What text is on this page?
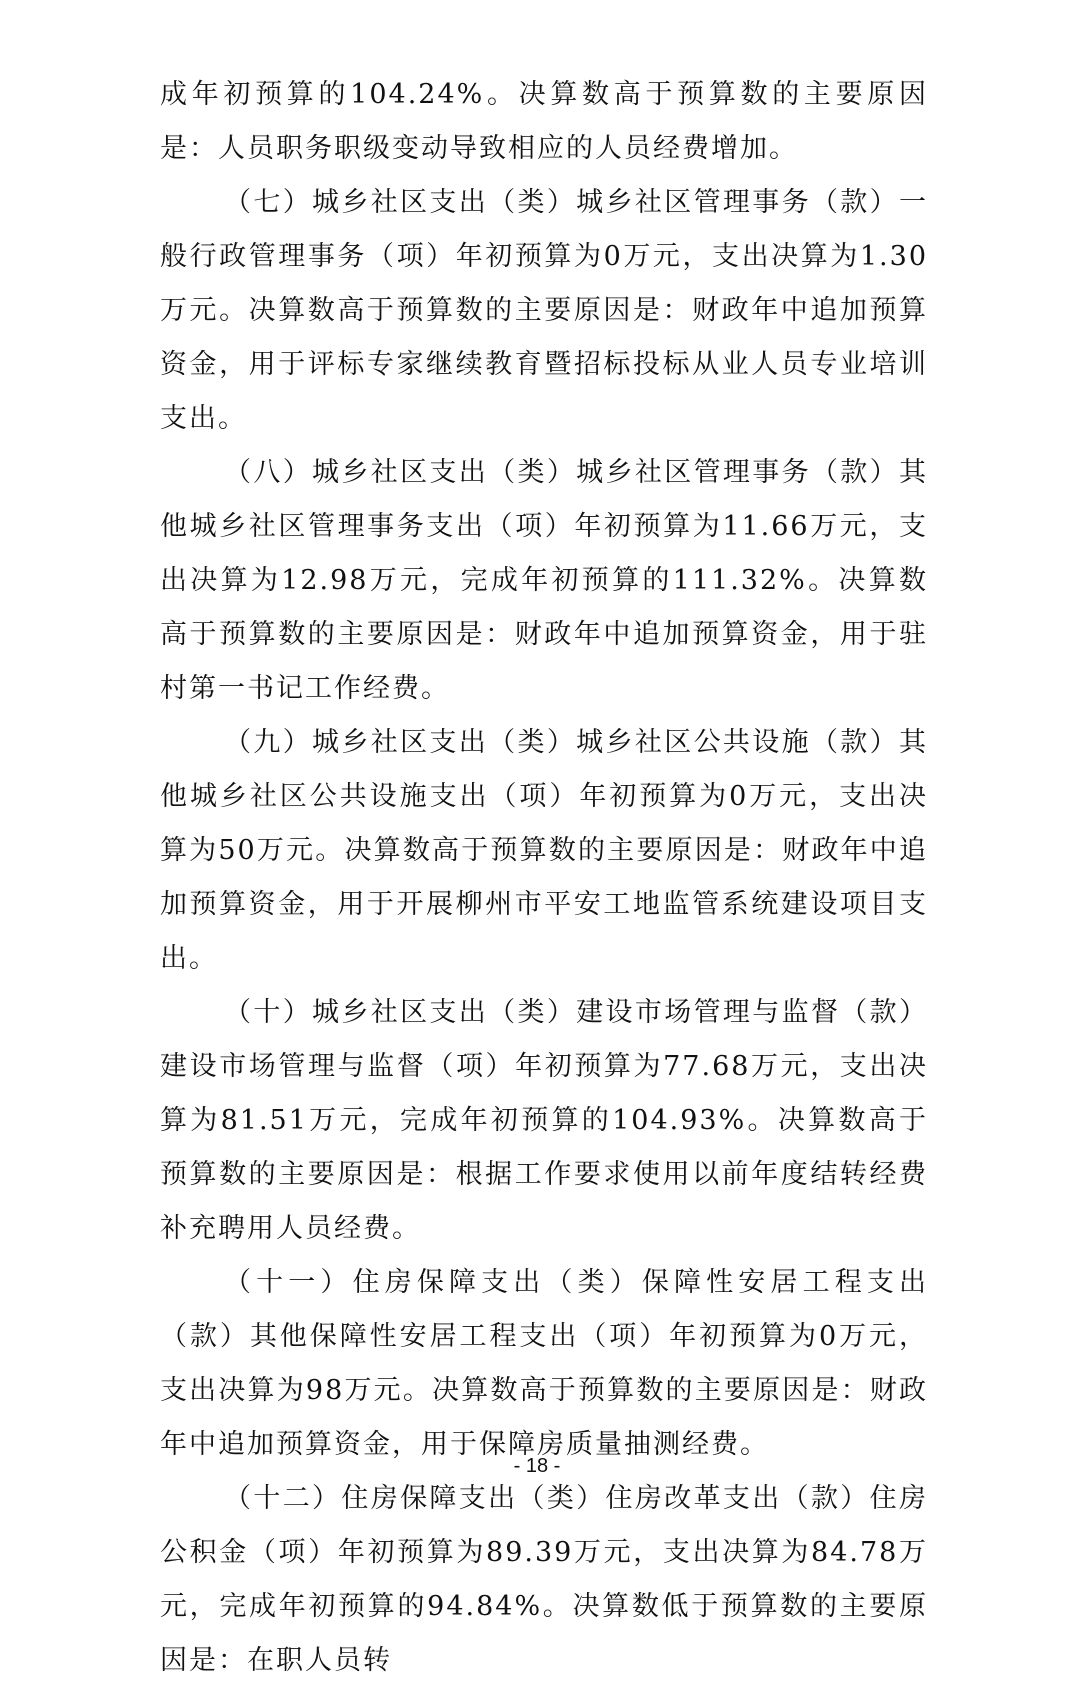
成年初预算的104.24%。决算数高于预算数的主要原因是：人员职务职级变动导致相应的人员经费增加。

（七）城乡社区支出（类）城乡社区管理事务（款）一般行政管理事务（项）年初预算为0万元，支出决算为1.30万元。决算数高于预算数的主要原因是：财政年中追加预算资金，用于评标专家继续教育暨招标投标从业人员专业培训支出。

（八）城乡社区支出（类）城乡社区管理事务（款）其他城乡社区管理事务支出（项）年初预算为11.66万元，支出决算为12.98万元，完成年初预算的111.32%。决算数高于预算数的主要原因是：财政年中追加预算资金，用于驻村第一书记工作经费。

（九）城乡社区支出（类）城乡社区公共设施（款）其他城乡社区公共设施支出（项）年初预算为0万元，支出决算为50万元。决算数高于预算数的主要原因是：财政年中追加预算资金，用于开展柳州市平安工地监管系统建设项目支出。

（十）城乡社区支出（类）建设市场管理与监督（款）建设市场管理与监督（项）年初预算为77.68万元，支出决算为81.51万元，完成年初预算的104.93%。决算数高于预算数的主要原因是：根据工作要求使用以前年度结转经费补充聘用人员经费。

（十一）住房保障支出（类）保障性安居工程支出（款）其他保障性安居工程支出（项）年初预算为0万元，支出决算为98万元。决算数高于预算数的主要原因是：财政年中追加预算资金，用于保障房质量抽测经费。

（十二）住房保障支出（类）住房改革支出（款）住房公积金（项）年初预算为89.39万元，支出决算为84.78万元，完成年初预算的94.84%。决算数低于预算数的主要原因是：在职人员转

- 18 -
